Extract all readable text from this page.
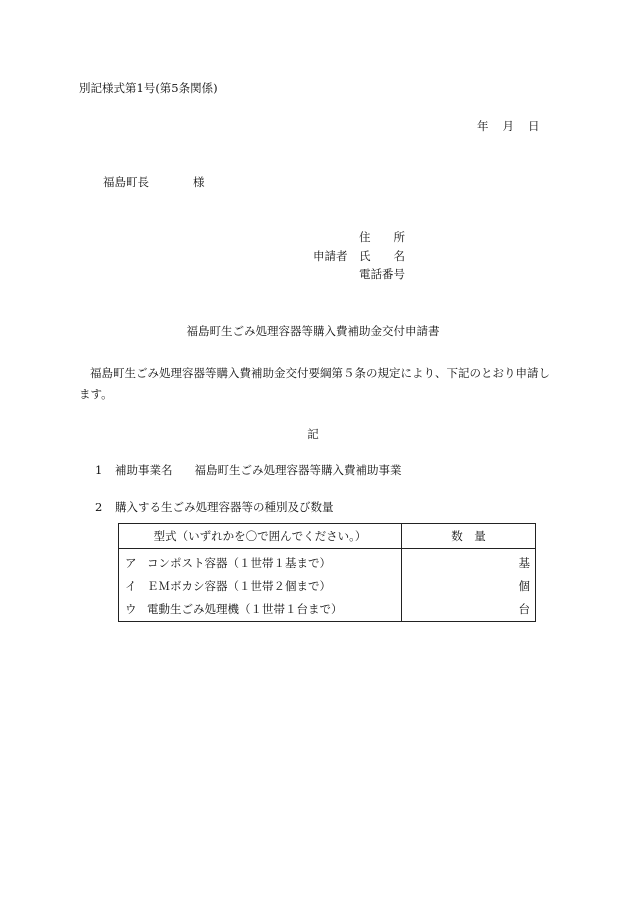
別記様式第1号(第5条関係)
年 月 日
福島町長	様
申請者
住　　所
氏　　名
電話番号
福島町生ごみ処理容器等購入費補助金交付申請書
福島町生ごみ処理容器等購入費補助金交付要綱第５条の規定により、下記のとおり申請します。
記
1 補助事業名 福島町生ごみ処理容器等購入費補助事業
2 購入する生ごみ処理容器等の種別及び数量
型式（いずれかを〇で囲んでください。）	数　量
ア コンポスト容器（１世帯１基まで）	基
イ ＥＭボカシ容器（１世帯２個まで）	個
ウ 電動生ごみ処理機（１世帯１台まで）	台
